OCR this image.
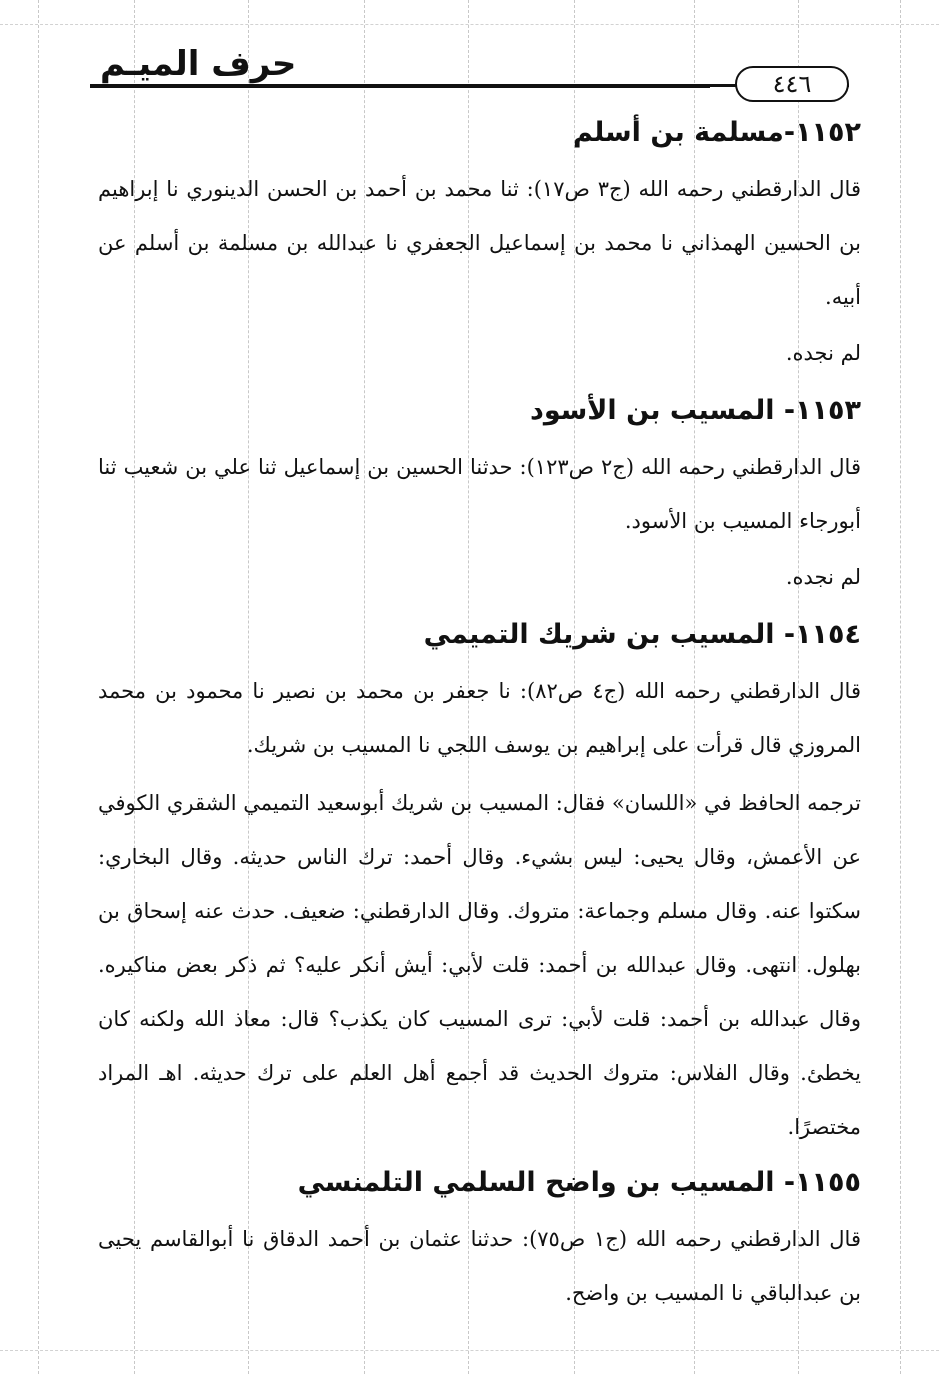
حرف الميـم	٤٤٦
١١٥٢-مسلمة بن أسلم

قال الدارقطني رحمه الله (ج٣ ص١٧): ثنا محمد بن أحمد بن الحسن الدينوري نا إبراهيم بن الحسين الهمذاني نا محمد بن إسماعيل الجعفري نا عبدالله بن مسلمة بن أسلم عن أبيه.

لم نجده.

١١٥٣- المسيب بن الأسود

قال الدارقطني رحمه الله (ج٢ ص١٢٣): حدثنا الحسين بن إسماعيل ثنا علي بن شعيب ثنا أبورجاء المسيب بن الأسود.

لم نجده.

١١٥٤- المسيب بن شريك التميمي

قال الدارقطني رحمه الله (ج٤ ص٨٢): نا جعفر بن محمد بن نصير نا محمود بن محمد المروزي قال قرأت على إبراهيم بن يوسف اللجي نا المسيب بن شريك.

ترجمه الحافظ في «اللسان» فقال: المسيب بن شريك أبوسعيد التميمي الشقري الكوفي عن الأعمش، وقال يحيى: ليس بشيء. وقال أحمد: ترك الناس حديثه. وقال البخاري: سكتوا عنه. وقال مسلم وجماعة: متروك. وقال الدارقطني: ضعيف. حدث عنه إسحاق بن بهلول. انتهى. وقال عبدالله بن أحمد: قلت لأبي: أيش أنكر عليه؟ ثم ذكر بعض مناكيره. وقال عبدالله بن أحمد: قلت لأبي: ترى المسيب كان يكذب؟ قال: معاذ الله ولكنه كان يخطئ. وقال الفلاس: متروك الحديث قد أجمع أهل العلم على ترك حديثه. اهـ المراد مختصرًا.

١١٥٥- المسيب بن واضح السلمي التلمنسي

قال الدارقطني رحمه الله (ج١ ص٧٥): حدثنا عثمان بن أحمد الدقاق نا أبوالقاسم يحيى بن عبدالباقي نا المسيب بن واضح.
